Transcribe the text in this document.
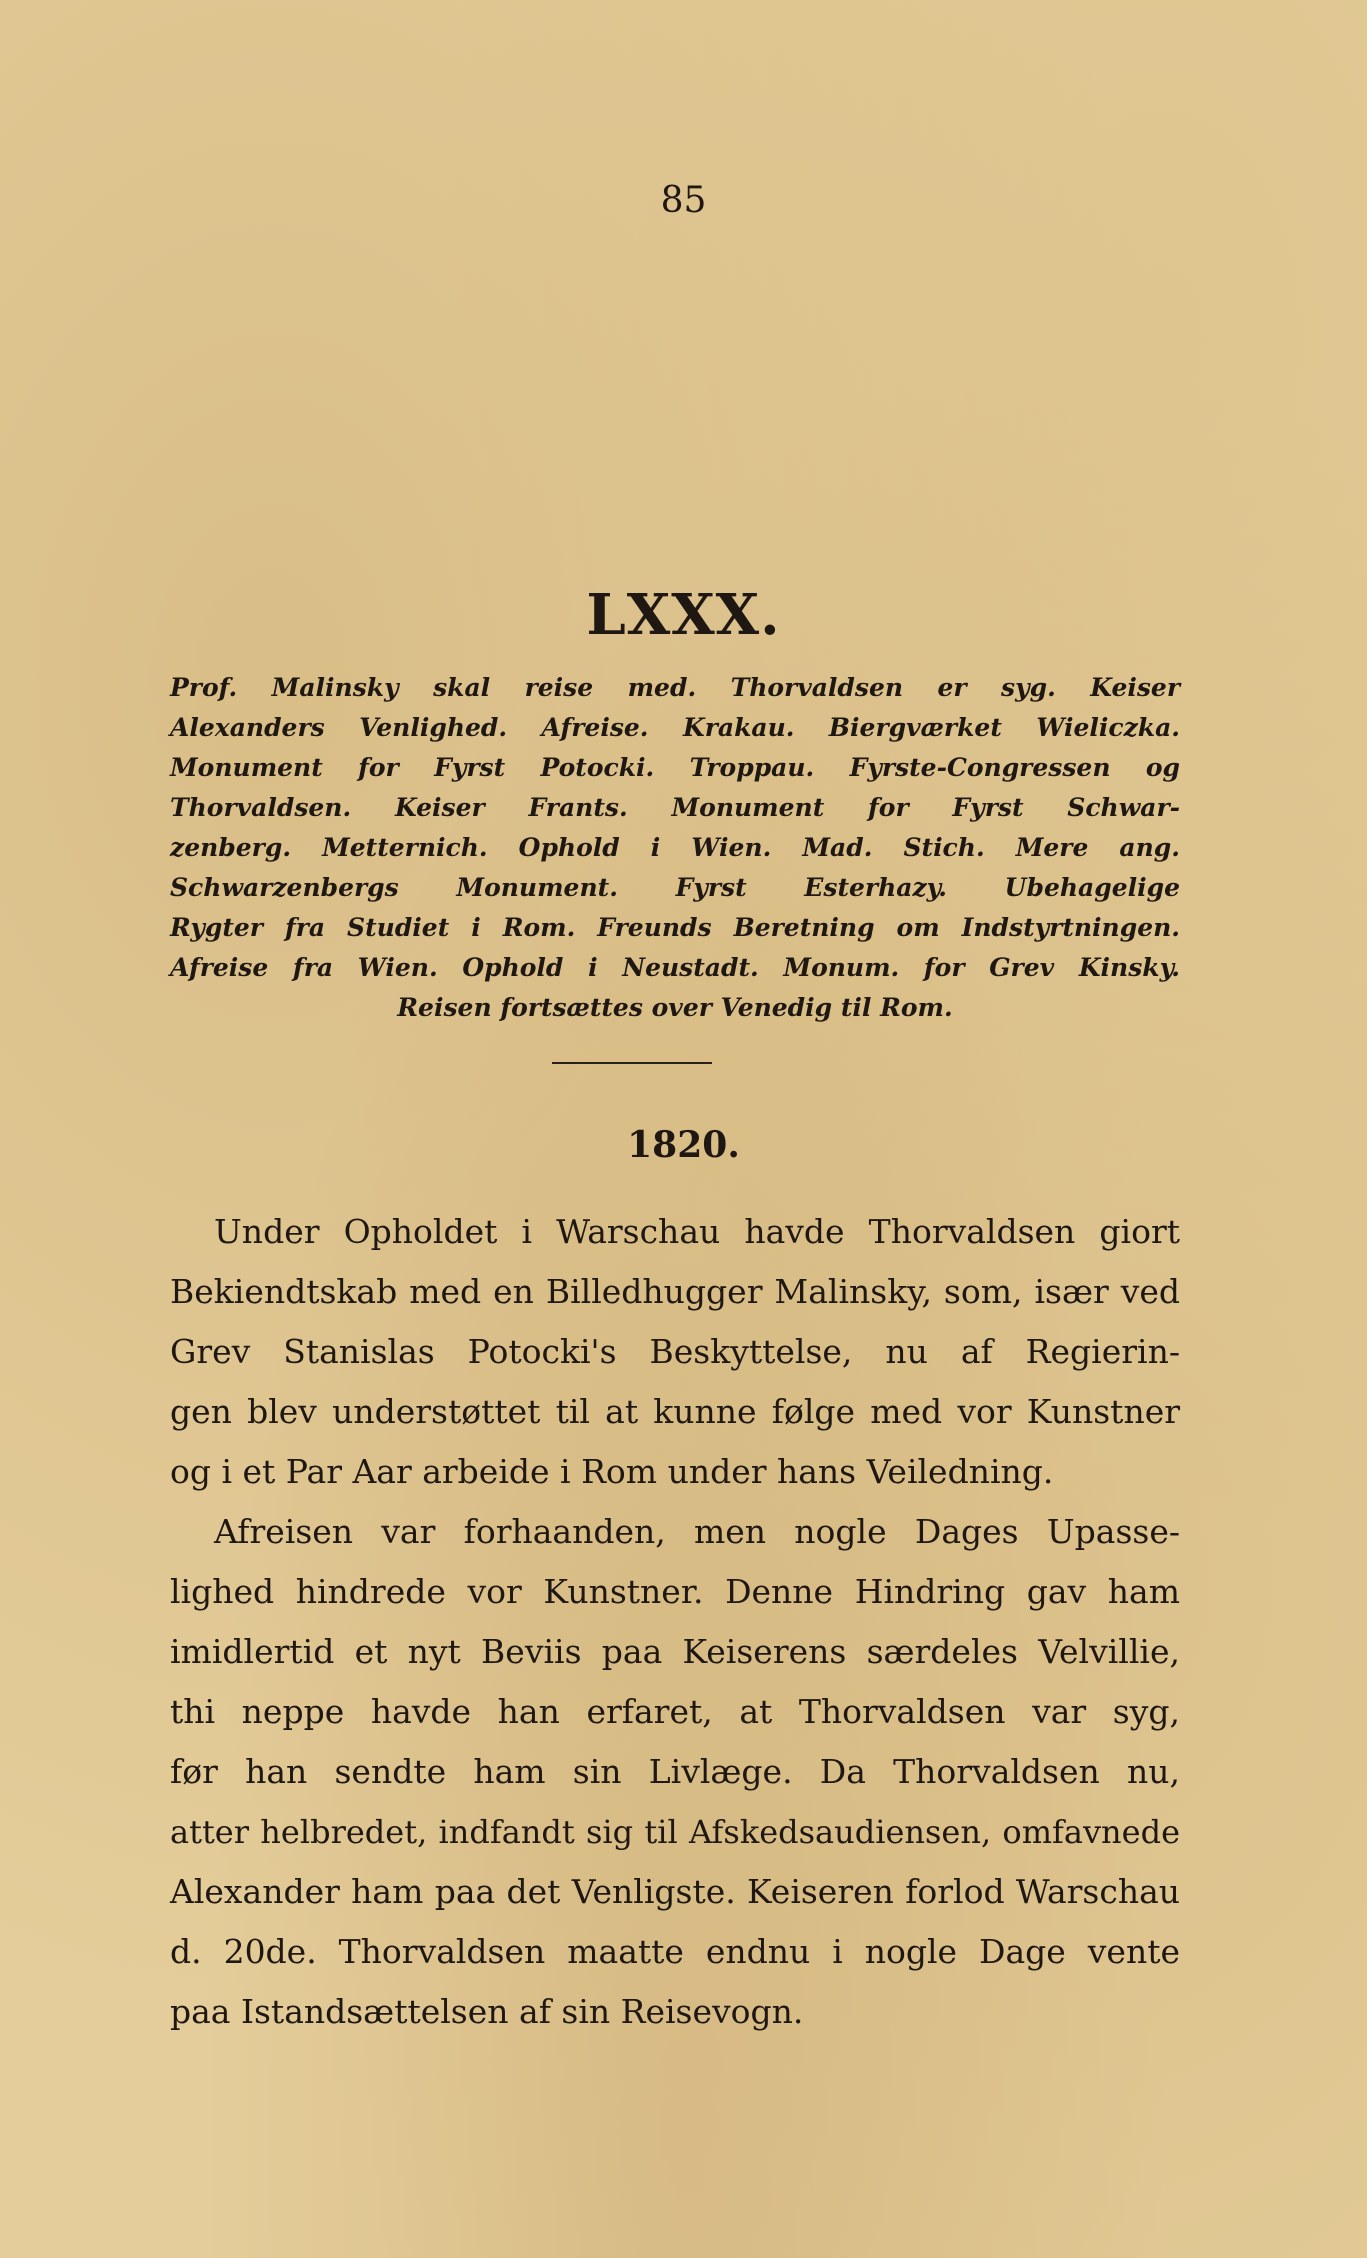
85
LXXX.
Prof. Malinsky skal reise med. Thorvaldsen er syg. Keiser
Alexanders Venlighed. Afreise. Krakau. Biergværket Wieliczka.
Monument for Fyrst Potocki. Troppau. Fyrste-Congressen og
Thorvaldsen. Keiser Frants. Monument for Fyrst Schwar-
zenberg. Metternich. Ophold i Wien. Mad. Stich. Mere ang.
Schwarzenbergs Monument. Fyrst Esterhazy. Ubehagelige
Rygter fra Studiet i Rom. Freunds Beretning om Indstyrtningen.
Afreise fra Wien. Ophold i Neustadt. Monum. for Grev Kinsky.
Reisen fortsættes over Venedig til Rom.
1820.

Under Opholdet i Warschau havde Thorvaldsen giort
Bekiendtskab med en Billedhugger Malinsky, som, især ved
Grev Stanislas Potocki's Beskyttelse, nu af Regierin-
gen blev understøttet til at kunne følge med vor Kunstner
og i et Par Aar arbeide i Rom under hans Veiledning.

Afreisen var forhaanden, men nogle Dages Upasse-
lighed hindrede vor Kunstner. Denne Hindring gav ham
imidlertid et nyt Beviis paa Keiserens særdeles Velvillie,
thi neppe havde han erfaret, at Thorvaldsen var syg,
før han sendte ham sin Livlæge. Da Thorvaldsen nu,
atter helbredet, indfandt sig til Afskedsaudiensen, omfavnede
Alexander ham paa det Venligste. Keiseren forlod Warschau
d. 20de. Thorvaldsen maatte endnu i nogle Dage vente
paa Istandsættelsen af sin Reisevogn.
